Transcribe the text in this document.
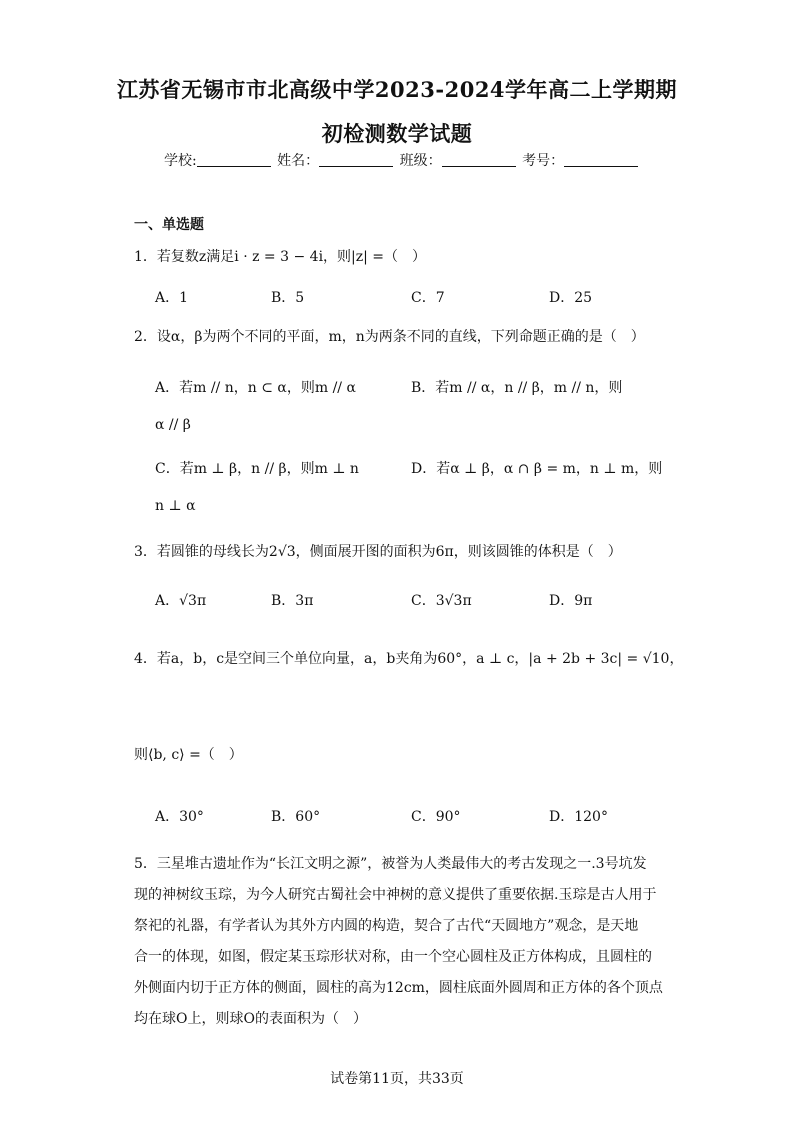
江苏省无锡市市北高级中学2023-2024学年高二上学期期
初检测数学试题
学校:	姓名：	班级：	考号：
一、单选题
1．若复数z满足i · z = 3 − 4i，则|z| =（　）
A．1	B．5	C．7	D．25
2．设α，β为两个不同的平面，m，n为两条不同的直线，下列命题正确的是（　）
A．若m // n，n ⊂ α，则m // α	B．若m // α，n // β，m // n，则
α // β
C．若m ⊥ β，n // β，则m ⊥ n	D．若α ⊥ β，α ∩ β = m，n ⊥ m，则
n ⊥ α
3．若圆锥的母线长为2√3，侧面展开图的面积为6π，则该圆锥的体积是（　）
A．√3π	B．3π	C．3√3π	D．9π
4．若a，b，c是空间三个单位向量，a，b夹角为60°，a ⊥ c，|a + 2b + 3c| = √10，
则⟨b, c⟩ =（　）
A．30°	B．60°	C．90°	D．120°
5．三星堆古遗址作为“长江文明之源”，被誉为人类最伟大的考古发现之一.3号坑发
现的神树纹玉琮，为今人研究古蜀社会中神树的意义提供了重要依据.玉琮是古人用于
祭祀的礼器，有学者认为其外方内圆的构造，契合了古代“天圆地方”观念，是天地
合一的体现，如图，假定某玉琮形状对称，由一个空心圆柱及正方体构成，且圆柱的
外侧面内切于正方体的侧面，圆柱的高为12cm，圆柱底面外圆周和正方体的各个顶点
均在球O上，则球O的表面积为（　）
试卷第11页，共33页
